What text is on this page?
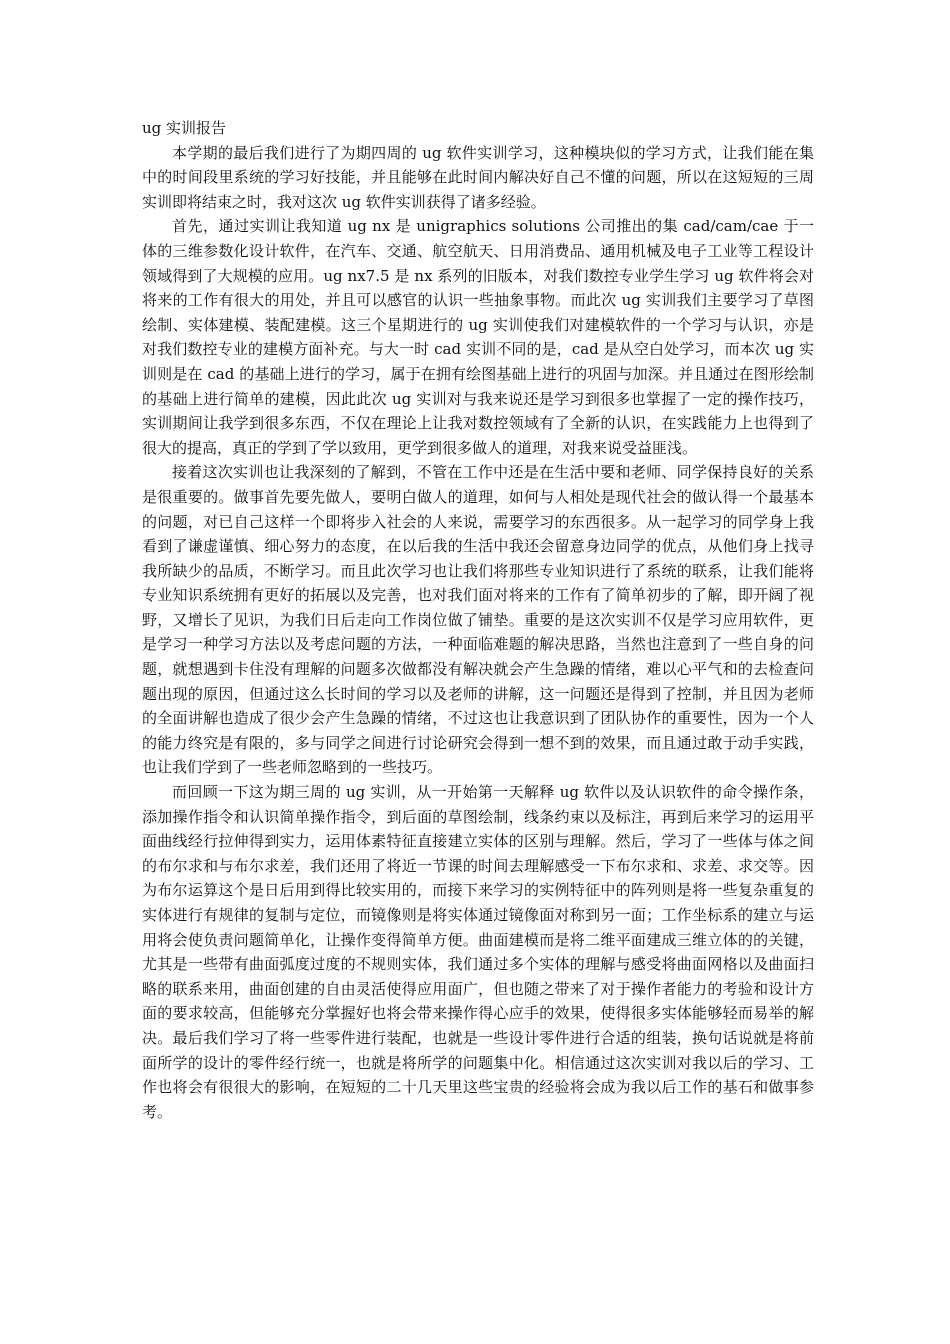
ug 实训报告

本学期的最后我们进行了为期四周的 ug 软件实训学习，这种模块似的学习方式，让我们能在集中的时间段里系统的学习好技能，并且能够在此时间内解决好自己不懂的问题，所以在这短短的三周实训即将结束之时，我对这次 ug 软件实训获得了诸多经验。

首先，通过实训让我知道 ug nx 是 unigraphics solutions 公司推出的集 cad/cam/cae 于一体的三维参数化设计软件，在汽车、交通、航空航天、日用消费品、通用机械及电子工业等工程设计领域得到了大规模的应用。ug nx7.5 是 nx 系列的旧版本，对我们数控专业学生学习 ug 软件将会对将来的工作有很大的用处，并且可以感官的认识一些抽象事物。而此次 ug 实训我们主要学习了草图绘制、实体建模、装配建模。这三个星期进行的 ug 实训使我们对建模软件的一个学习与认识，亦是对我们数控专业的建模方面补充。与大一时 cad 实训不同的是，cad 是从空白处学习，而本次 ug 实训则是在 cad 的基础上进行的学习，属于在拥有绘图基础上进行的巩固与加深。并且通过在图形绘制的基础上进行简单的建模，因此此次 ug 实训对与我来说还是学习到很多也掌握了一定的操作技巧，实训期间让我学到很多东西，不仅在理论上让我对数控领域有了全新的认识，在实践能力上也得到了很大的提高，真正的学到了学以致用，更学到很多做人的道理，对我来说受益匪浅。

接着这次实训也让我深刻的了解到，不管在工作中还是在生活中要和老师、同学保持良好的关系是很重要的。做事首先要先做人，要明白做人的道理，如何与人相处是现代社会的做认得一个最基本的问题，对已自己这样一个即将步入社会的人来说，需要学习的东西很多。从一起学习的同学身上我看到了谦虚谨慎、细心努力的态度，在以后我的生活中我还会留意身边同学的优点，从他们身上找寻我所缺少的品质，不断学习。而且此次学习也让我们将那些专业知识进行了系统的联系，让我们能将专业知识系统拥有更好的拓展以及完善，也对我们面对将来的工作有了简单初步的了解，即开阔了视野，又增长了见识，为我们日后走向工作岗位做了铺垫。重要的是这次实训不仅是学习应用软件，更是学习一种学习方法以及考虑问题的方法，一种面临难题的解决思路，当然也注意到了一些自身的问题，就想遇到卡住没有理解的问题多次做都没有解决就会产生急躁的情绪，难以心平气和的去检查问题出现的原因，但通过这么长时间的学习以及老师的讲解，这一问题还是得到了控制，并且因为老师的全面讲解也造成了很少会产生急躁的情绪，不过这也让我意识到了团队协作的重要性，因为一个人的能力终究是有限的，多与同学之间进行讨论研究会得到一想不到的效果，而且通过敢于动手实践，也让我们学到了一些老师忽略到的一些技巧。

而回顾一下这为期三周的 ug 实训，从一开始第一天解释 ug 软件以及认识软件的命令操作条，添加操作指令和认识简单操作指令，到后面的草图绘制，线条约束以及标注，再到后来学习的运用平面曲线经行拉伸得到实力，运用体素特征直接建立实体的区别与理解。然后，学习了一些体与体之间的布尔求和与布尔求差，我们还用了将近一节课的时间去理解感受一下布尔求和、求差、求交等。因为布尔运算这个是日后用到得比较实用的，而接下来学习的实例特征中的阵列则是将一些复杂重复的实体进行有规律的复制与定位，而镜像则是将实体通过镜像面对称到另一面；工作坐标系的建立与运用将会使负责问题简单化，让操作变得简单方便。曲面建模而是将二维平面建成三维立体的的关键，尤其是一些带有曲面弧度过度的不规则实体，我们通过多个实体的理解与感受将曲面网格以及曲面扫略的联系来用，曲面创建的自由灵活使得应用面广，但也随之带来了对于操作者能力的考验和设计方面的要求较高，但能够充分掌握好也将会带来操作得心应手的效果，使得很多实体能够轻而易举的解决。最后我们学习了将一些零件进行装配，也就是一些设计零件进行合适的组装，换句话说就是将前面所学的设计的零件经行统一，也就是将所学的问题集中化。相信通过这次实训对我以后的学习、工作也将会有很很大的影响，在短短的二十几天里这些宝贵的经验将会成为我以后工作的基石和做事参考。
